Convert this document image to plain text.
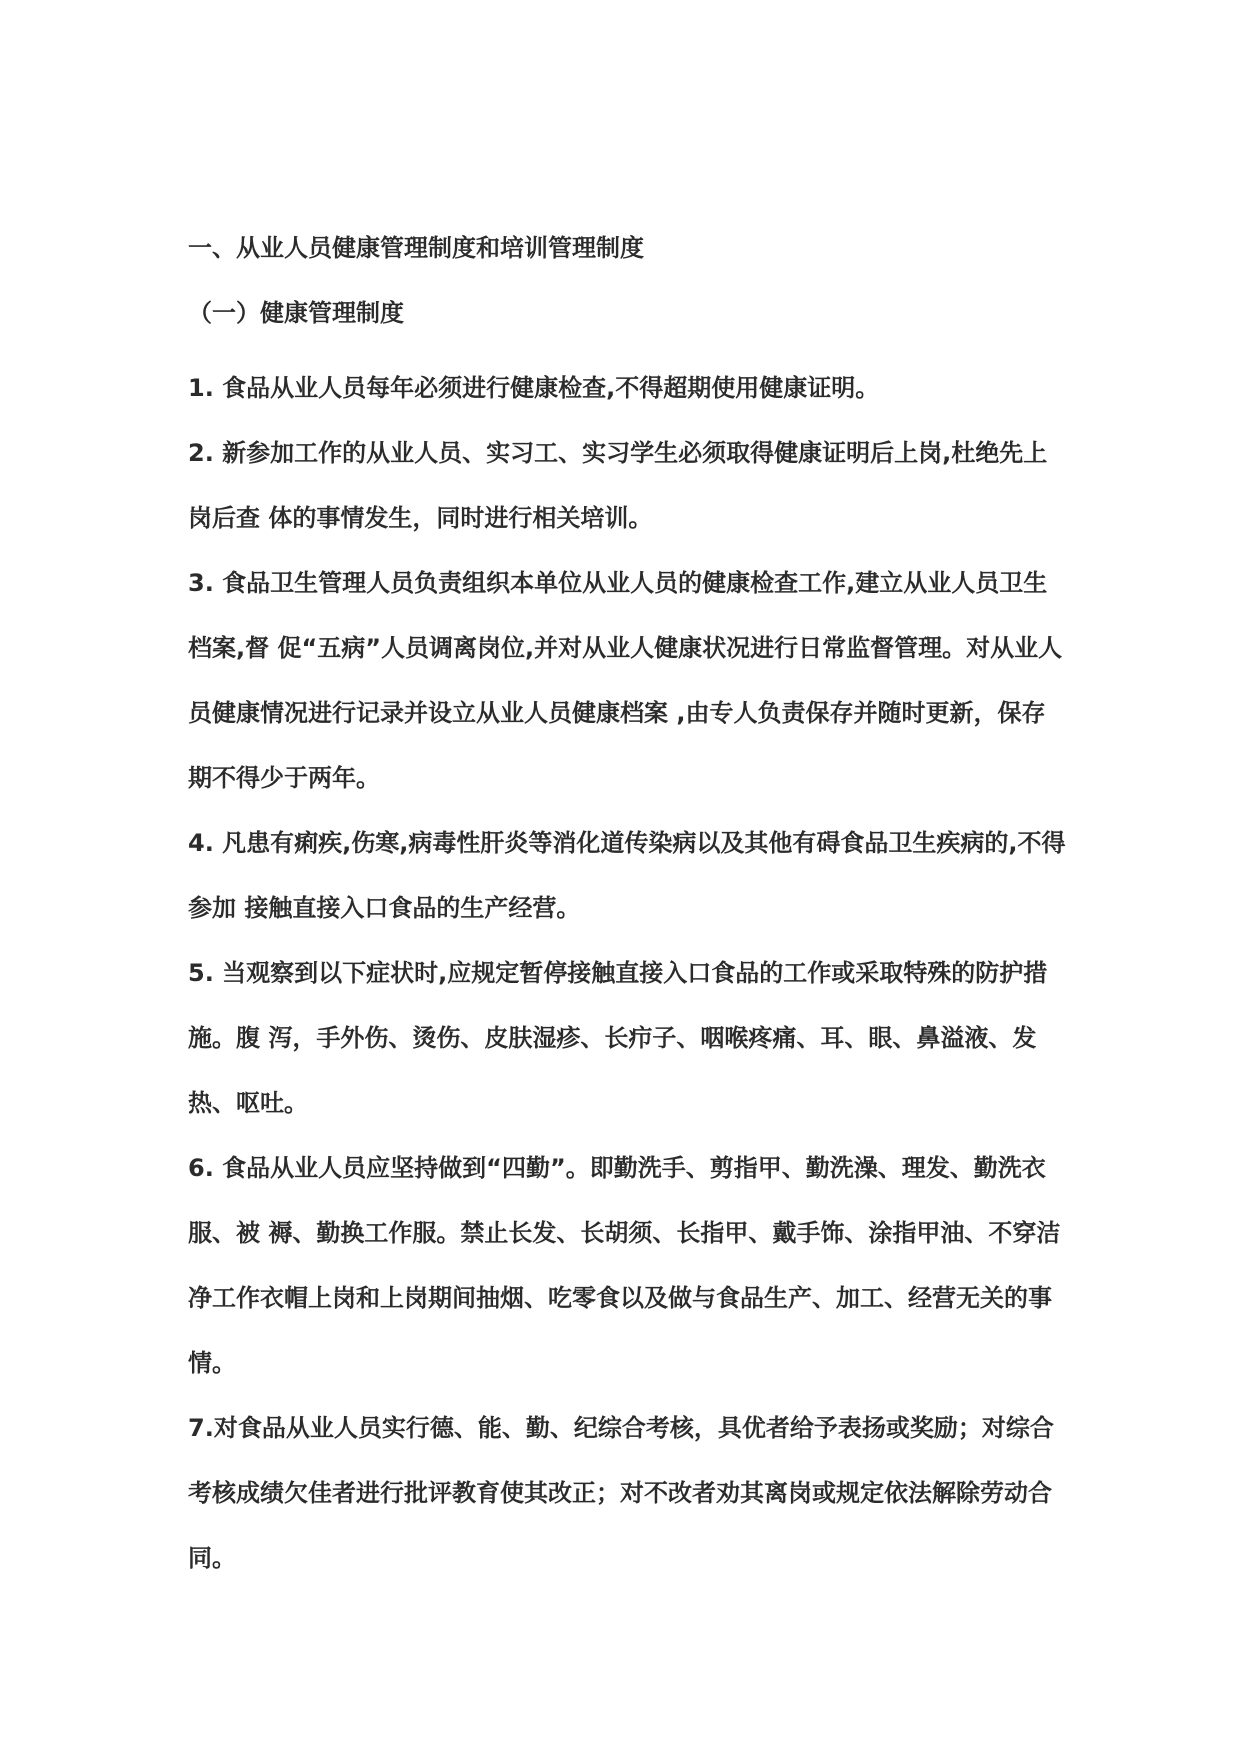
一、从业人员健康管理制度和培训管理制度
（一）健康管理制度

1. 食品从业人员每年必须进行健康检查,不得超期使用健康证明。

2. 新参加工作的从业人员、实习工、实习学生必须取得健康证明后上岗,杜绝先上岗后查 体的事情发生，同时进行相关培训。

3. 食品卫生管理人员负责组织本单位从业人员的健康检查工作,建立从业人员卫生档案,督 促“五病”人员调离岗位,并对从业人健康状况进行日常监督管理。对从业人员健康情况进行记录并设立从业人员健康档案 ,由专人负责保存并随时更新，保存期不得少于两年。

4. 凡患有痢疾,伤寒,病毒性肝炎等消化道传染病以及其他有碍食品卫生疾病的,不得参加 接触直接入口食品的生产经营。

5. 当观察到以下症状时,应规定暂停接触直接入口食品的工作或采取特殊的防护措施。腹 泻，手外伤、烫伤、皮肤湿疹、长疖子、咽喉疼痛、耳、眼、鼻溢液、发热、呕吐。

6. 食品从业人员应坚持做到“四勤”。即勤洗手、剪指甲、勤洗澡、理发、勤洗衣服、被 褥、勤换工作服。禁止长发、长胡须、长指甲、戴手饰、涂指甲油、不穿洁净工作衣帽上岗和上岗期间抽烟、吃零食以及做与食品生产、加工、经营无关的事情。

7.对食品从业人员实行德、能、勤、纪综合考核，具优者给予表扬或奖励；对综合考核成绩欠佳者进行批评教育使其改正；对不改者劝其离岗或规定依法解除劳动合同。
